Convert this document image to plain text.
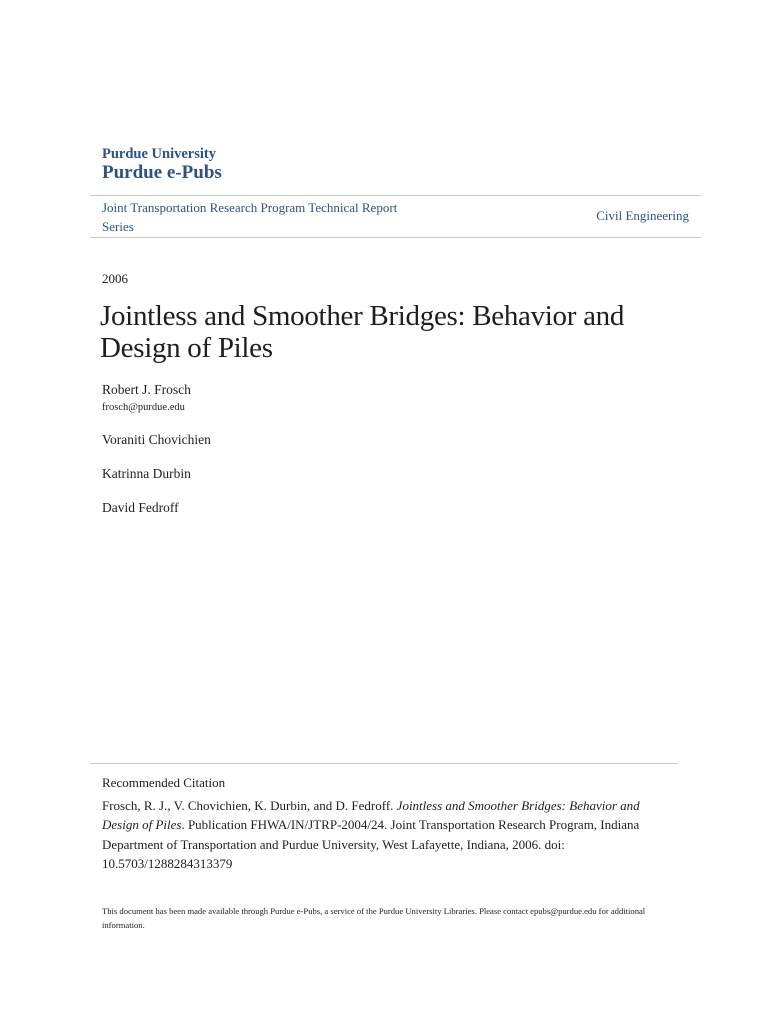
Purdue University
Purdue e-Pubs
Joint Transportation Research Program Technical Report Series
Civil Engineering
2006
Jointless and Smoother Bridges: Behavior and Design of Piles
Robert J. Frosch
frosch@purdue.edu
Voraniti Chovichien
Katrinna Durbin
David Fedroff
Recommended Citation

Frosch, R. J., V. Chovichien, K. Durbin, and D. Fedroff. Jointless and Smoother Bridges: Behavior and Design of Piles. Publication FHWA/IN/JTRP-2004/24. Joint Transportation Research Program, Indiana Department of Transportation and Purdue University, West Lafayette, Indiana, 2006. doi: 10.5703/1288284313379

This document has been made available through Purdue e-Pubs, a service of the Purdue University Libraries. Please contact epubs@purdue.edu for additional information.
